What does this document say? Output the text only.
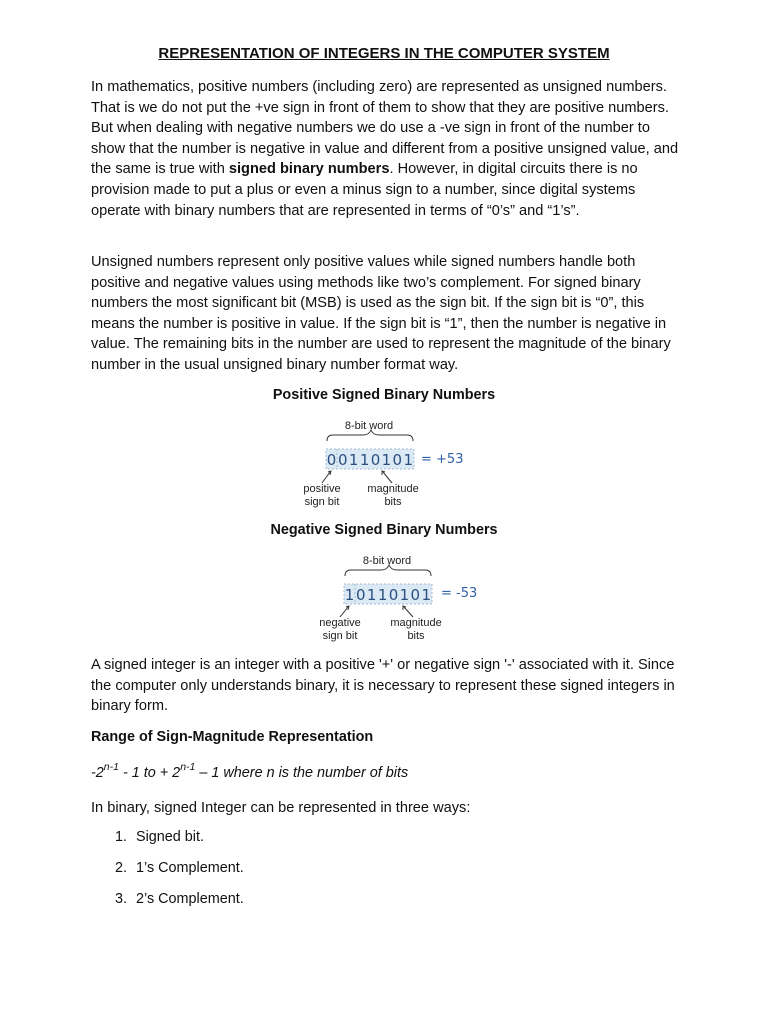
REPRESENTATION OF INTEGERS IN THE COMPUTER SYSTEM

In mathematics, positive numbers (including zero) are represented as unsigned numbers. That is we do not put the +ve sign in front of them to show that they are positive numbers. But when dealing with negative numbers we do use a -ve sign in front of the number to show that the number is negative in value and different from a positive unsigned value, and the same is true with signed binary numbers. However, in digital circuits there is no provision made to put a plus or even a minus sign to a number, since digital systems operate with binary numbers that are represented in terms of “0’s” and “1’s”.

Unsigned numbers represent only positive values while signed numbers handle both positive and negative values using methods like two’s complement. For signed binary numbers the most significant bit (MSB) is used as the sign bit. If the sign bit is “0”, this means the number is positive in value. If the sign bit is “1”, then the number is negative in value. The remaining bits in the number are used to represent the magnitude of the binary number in the usual unsigned binary number format way.

Positive Signed Binary Numbers
8-bit word
0 0110101 = +53
positive
sign bit
magnitude
bits
Negative Signed Binary Numbers
8-bit word
1 0110101 = -53
negative
sign bit
magnitude
bits

A signed integer is an integer with a positive '+' or negative sign '-' associated with it. Since the computer only understands binary, it is necessary to represent these signed integers in binary form.

Range of Sign-Magnitude Representation
-2$^{n-1}$ - 1 to + $2^{n-1} - 1$ where n is the number of bits

In binary, signed Integer can be represented in three ways:

1. Signed bit.
2. 1’s Complement.
3. 2’s Complement.
